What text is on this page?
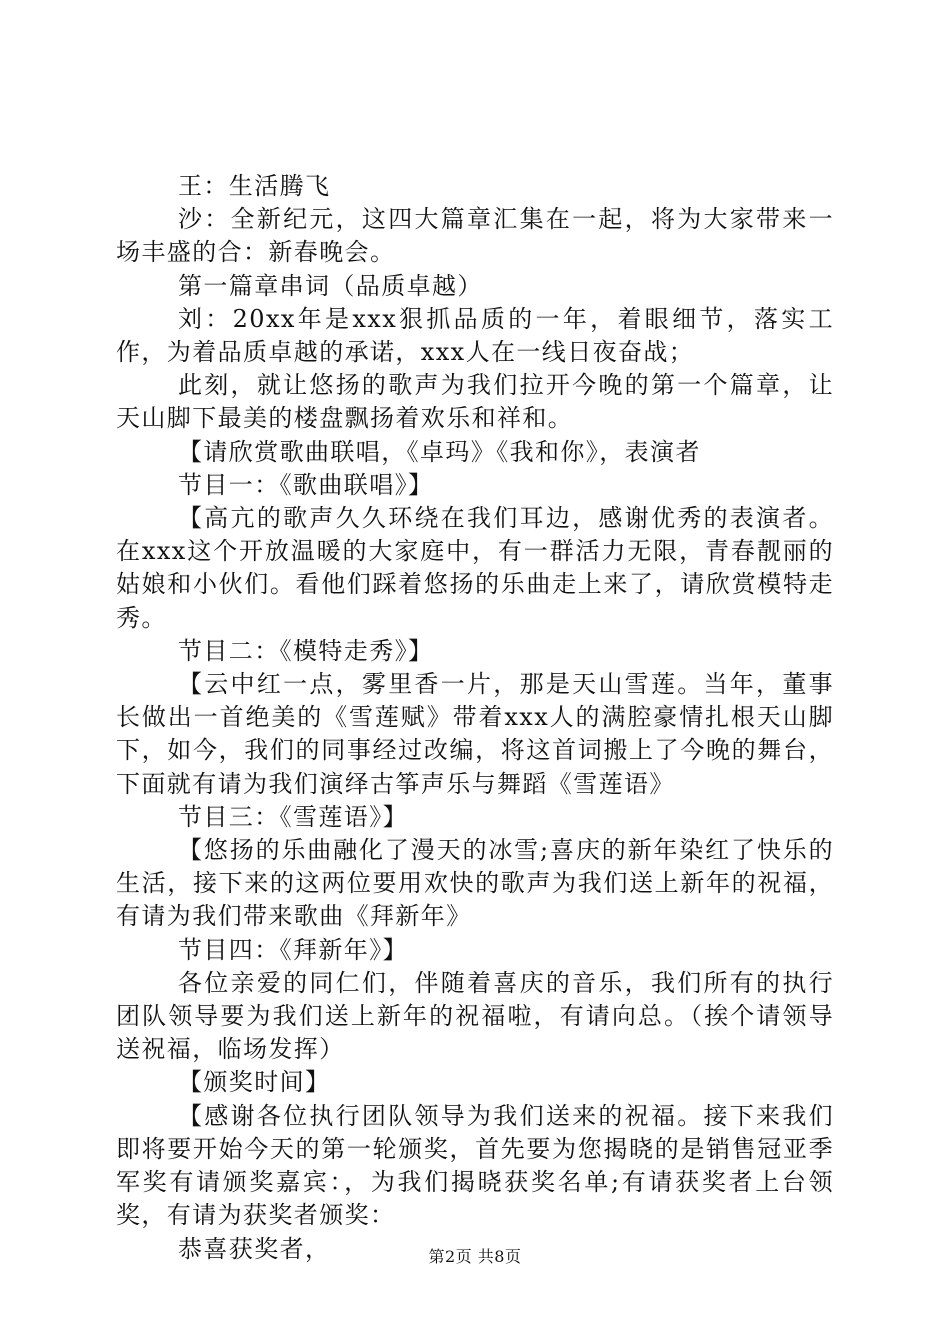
王：生活腾飞

沙：全新纪元，这四大篇章汇集在一起，将为大家带来一场丰盛的合：新春晚会。

第一篇章串词（品质卓越）

刘：20xx年是xxx狠抓品质的一年，着眼细节，落实工作，为着品质卓越的承诺，xxx人在一线日夜奋战；

此刻，就让悠扬的歌声为我们拉开今晚的第一个篇章，让天山脚下最美的楼盘飘扬着欢乐和祥和。

【请欣赏歌曲联唱，《卓玛》《我和你》，表演者

节目一：《歌曲联唱》】

【高亢的歌声久久环绕在我们耳边，感谢优秀的表演者。在xxx这个开放温暖的大家庭中，有一群活力无限，青春靓丽的姑娘和小伙们。看他们踩着悠扬的乐曲走上来了，请欣赏模特走秀。

节目二：《模特走秀》】

【云中红一点，雾里香一片，那是天山雪莲。当年，董事长做出一首绝美的《雪莲赋》带着xxx人的满腔豪情扎根天山脚下，如今，我们的同事经过改编，将这首词搬上了今晚的舞台，下面就有请为我们演绎古筝声乐与舞蹈《雪莲语》

节目三：《雪莲语》】

【悠扬的乐曲融化了漫天的冰雪;喜庆的新年染红了快乐的生活，接下来的这两位要用欢快的歌声为我们送上新年的祝福，有请为我们带来歌曲《拜新年》

节目四：《拜新年》】

各位亲爱的同仁们，伴随着喜庆的音乐，我们所有的执行团队领导要为我们送上新年的祝福啦，有请向总。（挨个请领导送祝福，临场发挥）

【颁奖时间】

【感谢各位执行团队领导为我们送来的祝福。接下来我们即将要开始今天的第一轮颁奖，首先要为您揭晓的是销售冠亚季军奖有请颁奖嘉宾：，为我们揭晓获奖名单;有请获奖者上台领奖，有请为获奖者颁奖：

恭喜获奖者，	第2页 共8页
